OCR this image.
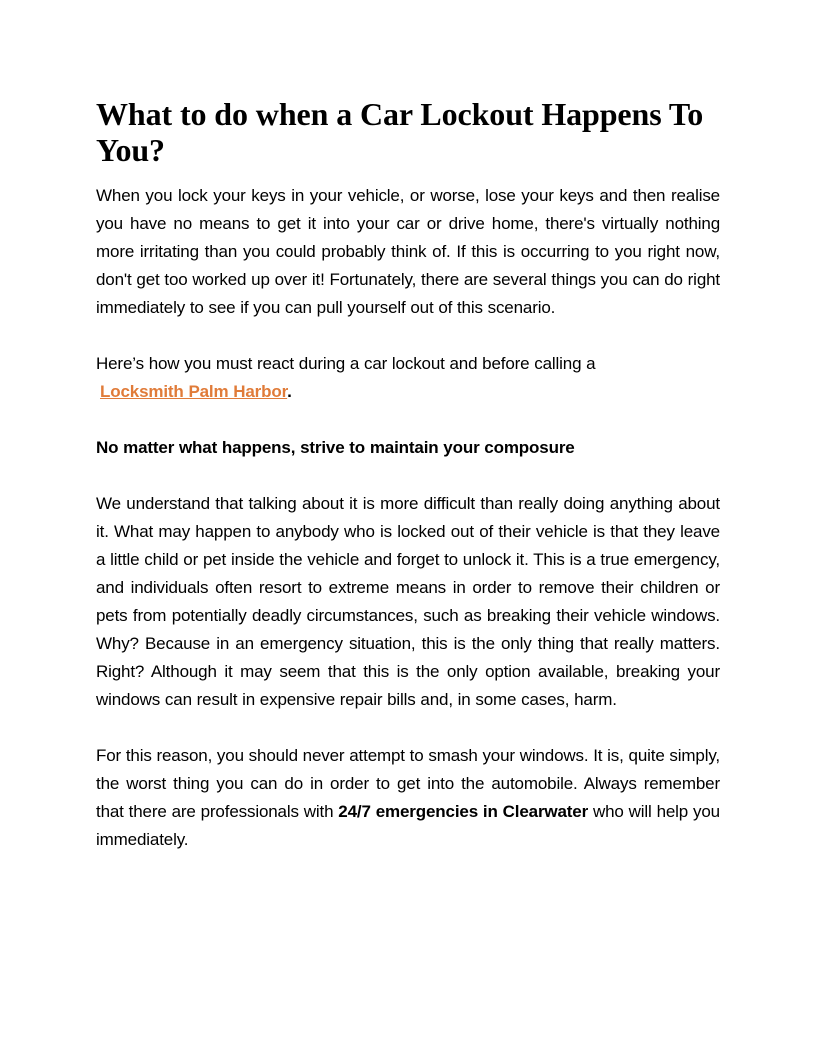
What to do when a Car Lockout Happens To You?

When you lock your keys in your vehicle, or worse, lose your keys and then realise you have no means to get it into your car or drive home, there's virtually nothing more irritating than you could probably think of. If this is occurring to you right now, don't get too worked up over it! Fortunately, there are several things you can do right immediately to see if you can pull yourself out of this scenario.

Here’s how you must react during a car lockout and before calling a
Locksmith Palm Harbor.

No matter what happens, strive to maintain your composure

We understand that talking about it is more difficult than really doing anything about it. What may happen to anybody who is locked out of their vehicle is that they leave a little child or pet inside the vehicle and forget to unlock it. This is a true emergency, and individuals often resort to extreme means in order to remove their children or pets from potentially deadly circumstances, such as breaking their vehicle windows. Why? Because in an emergency situation, this is the only thing that really matters. Right? Although it may seem that this is the only option available, breaking your windows can result in expensive repair bills and, in some cases, harm.

For this reason, you should never attempt to smash your windows. It is, quite simply, the worst thing you can do in order to get into the automobile. Always remember that there are professionals with 24/7 emergencies in Clearwater who will help you immediately.
